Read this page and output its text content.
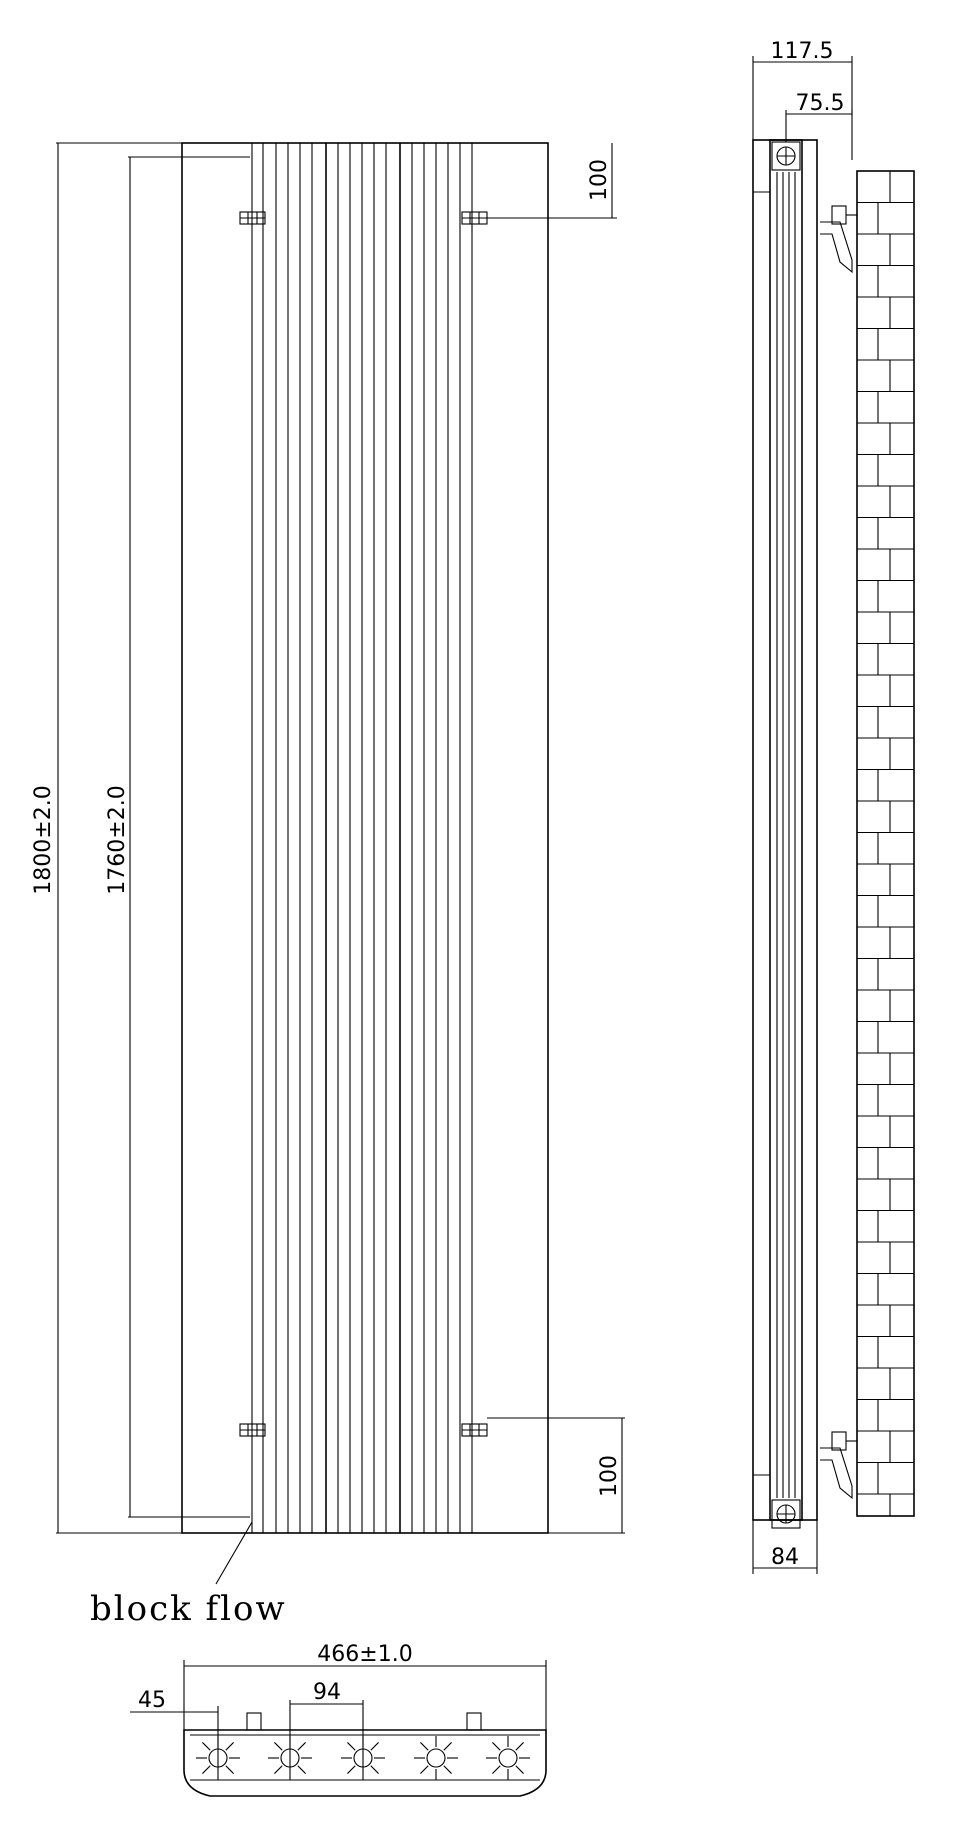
1800±2.0 1760±2.0
100
100
block flow
117.5
75.5
84
466±1.0
45	94
